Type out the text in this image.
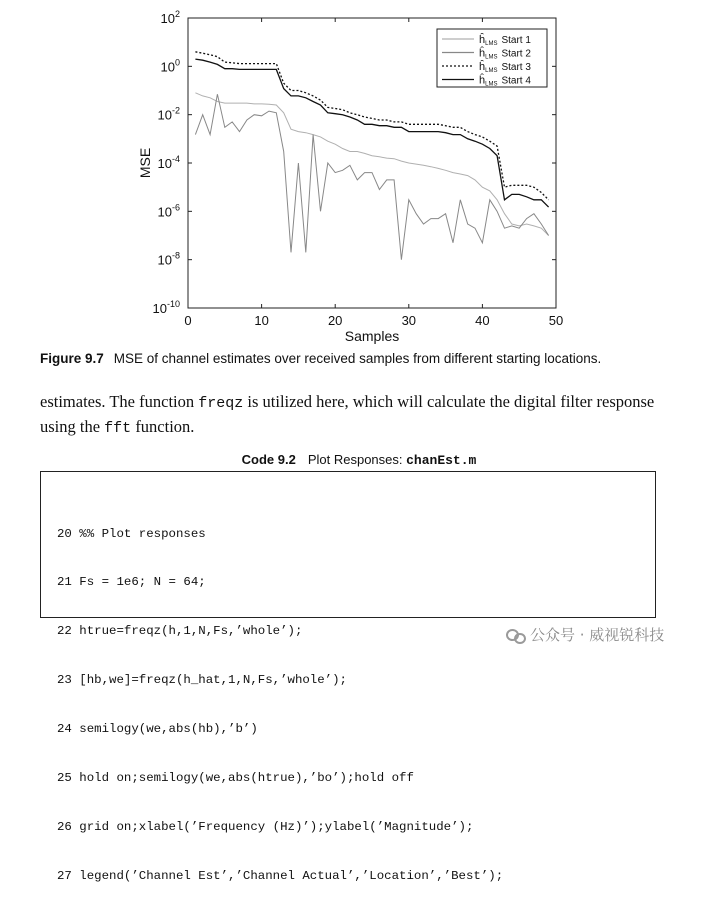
0	10	20	30	40	50
$10^{-10}$
$10^{-8}$
$10^{-6}$
$10^{-4}$
$10^{-2}$
$10^0$
$10^2$
Samples
MSE
$ĥ_{LMS}$ Start 1
$ĥ_{LMS}$ Start 2
$ĥ_{LMS}$ Start 3
$ĥ_{LMS}$ Start 4
Figure 9.7 MSE of channel estimates over received samples from different starting locations.
estimates. The function freqz is utilized here, which will calculate the digital filter response using the fft function.
Code 9.2 Plot Responses: chanEst.m

20 %% Plot responses

21 Fs = 1e6; N = 64;

22 htrue=freqz(h,1,N,Fs,’whole’);

23 [hb,we]=freqz(h_hat,1,N,Fs,’whole’);

24 semilogy(we,abs(hb),’b’)

25 hold on;semilogy(we,abs(htrue),’bo’);hold off

26 grid on;xlabel(’Frequency (Hz)’);ylabel(’Magnitude’);

27 legend(’Channel Est’,’Channel Actual’,’Location’,’Best’);

公众号 · 威视锐科技
